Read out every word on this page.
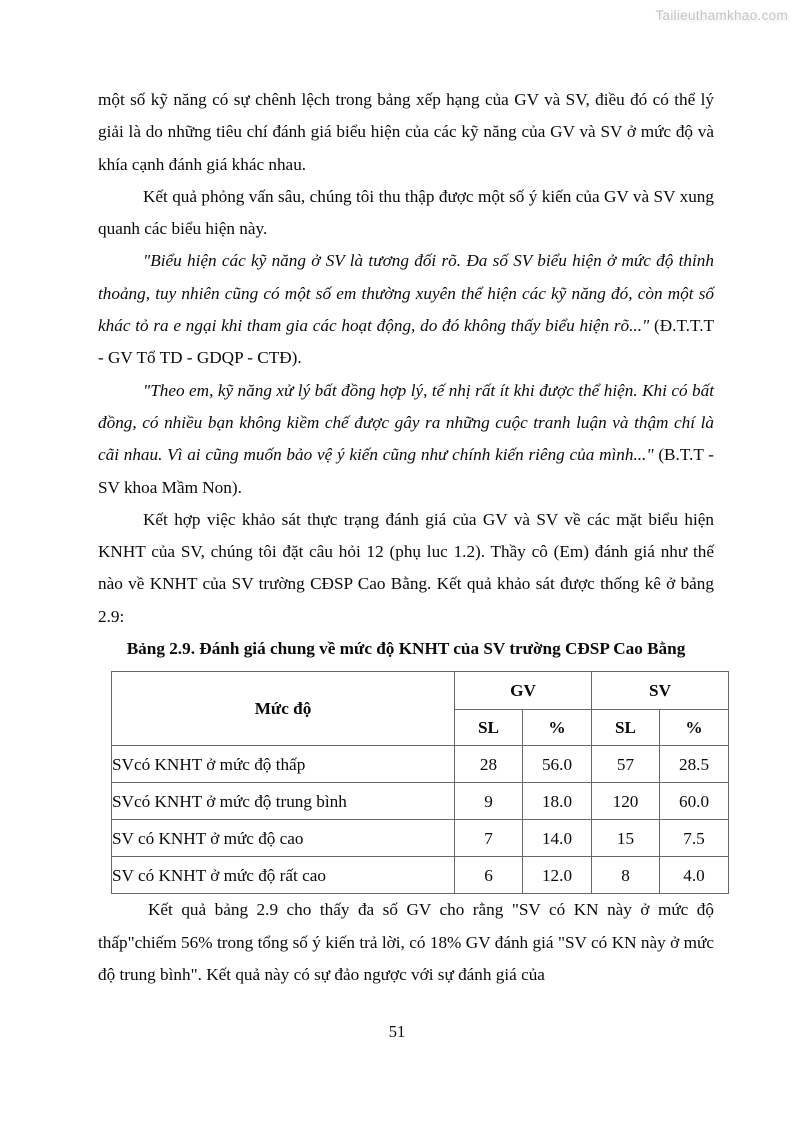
Tailieuthamkhao.com

một số kỹ năng có sự chênh lệch trong bảng xếp hạng của GV và SV, điều đó có thể lý giải là do những tiêu chí đánh giá biểu hiện của các kỹ năng của GV và SV ở mức độ và khía cạnh đánh giá khác nhau.

Kết quả phỏng vấn sâu, chúng tôi thu thập được một số ý kiến của GV và SV xung quanh các biểu hiện này.

"Biểu hiện các kỹ năng ở SV là tương đối rõ. Đa số SV biểu hiện ở mức độ thỉnh thoảng, tuy nhiên cũng có một số em thường xuyên thể hiện các kỹ năng đó, còn một số khác tỏ ra e ngại khi tham gia các hoạt động, do đó không thấy biểu hiện rõ..." (Đ.T.T.T - GV Tổ TD - GDQP - CTĐ).

"Theo em, kỹ năng xử lý bất đồng hợp lý, tế nhị rất ít khi được thể hiện. Khi có bất đồng, có nhiều bạn không kiềm chế được gây ra những cuộc tranh luận và thậm chí là cãi nhau. Vì ai cũng muốn bảo vệ ý kiến cũng như chính kiến riêng của mình..." (B.T.T - SV khoa Mầm Non).

Kết hợp việc khảo sát thực trạng đánh giá của GV và SV về các mặt biểu hiện KNHT của SV, chúng tôi đặt câu hỏi 12 (phụ luc 1.2). Thầy cô (Em) đánh giá như thế nào về KNHT của SV trường CĐSP Cao Bằng. Kết quả khảo sát được thống kê ở bảng 2.9:

Bảng 2.9. Đánh giá chung về mức độ KNHT của SV trường CĐSP Cao Bằng

Mức độ	GV		SV	
	SL	%	SL	%
SVcó KNHT ở mức độ thấp	28	56.0	57	28.5
SVcó KNHT ở mức độ trung bình	9	18.0	120	60.0
SV có KNHT ở mức độ cao	7	14.0	15	7.5
SV có KNHT ở mức độ rất cao	6	12.0	8	4.0

Kết quả bảng 2.9 cho thấy đa số GV cho rằng "SV có KN này ở mức độ thấp"chiếm 56% trong tổng số ý kiến trả lời, có 18% GV đánh giá "SV có KN này ở mức độ trung bình". Kết quả này có sự đảo ngược với sự đánh giá của

51
